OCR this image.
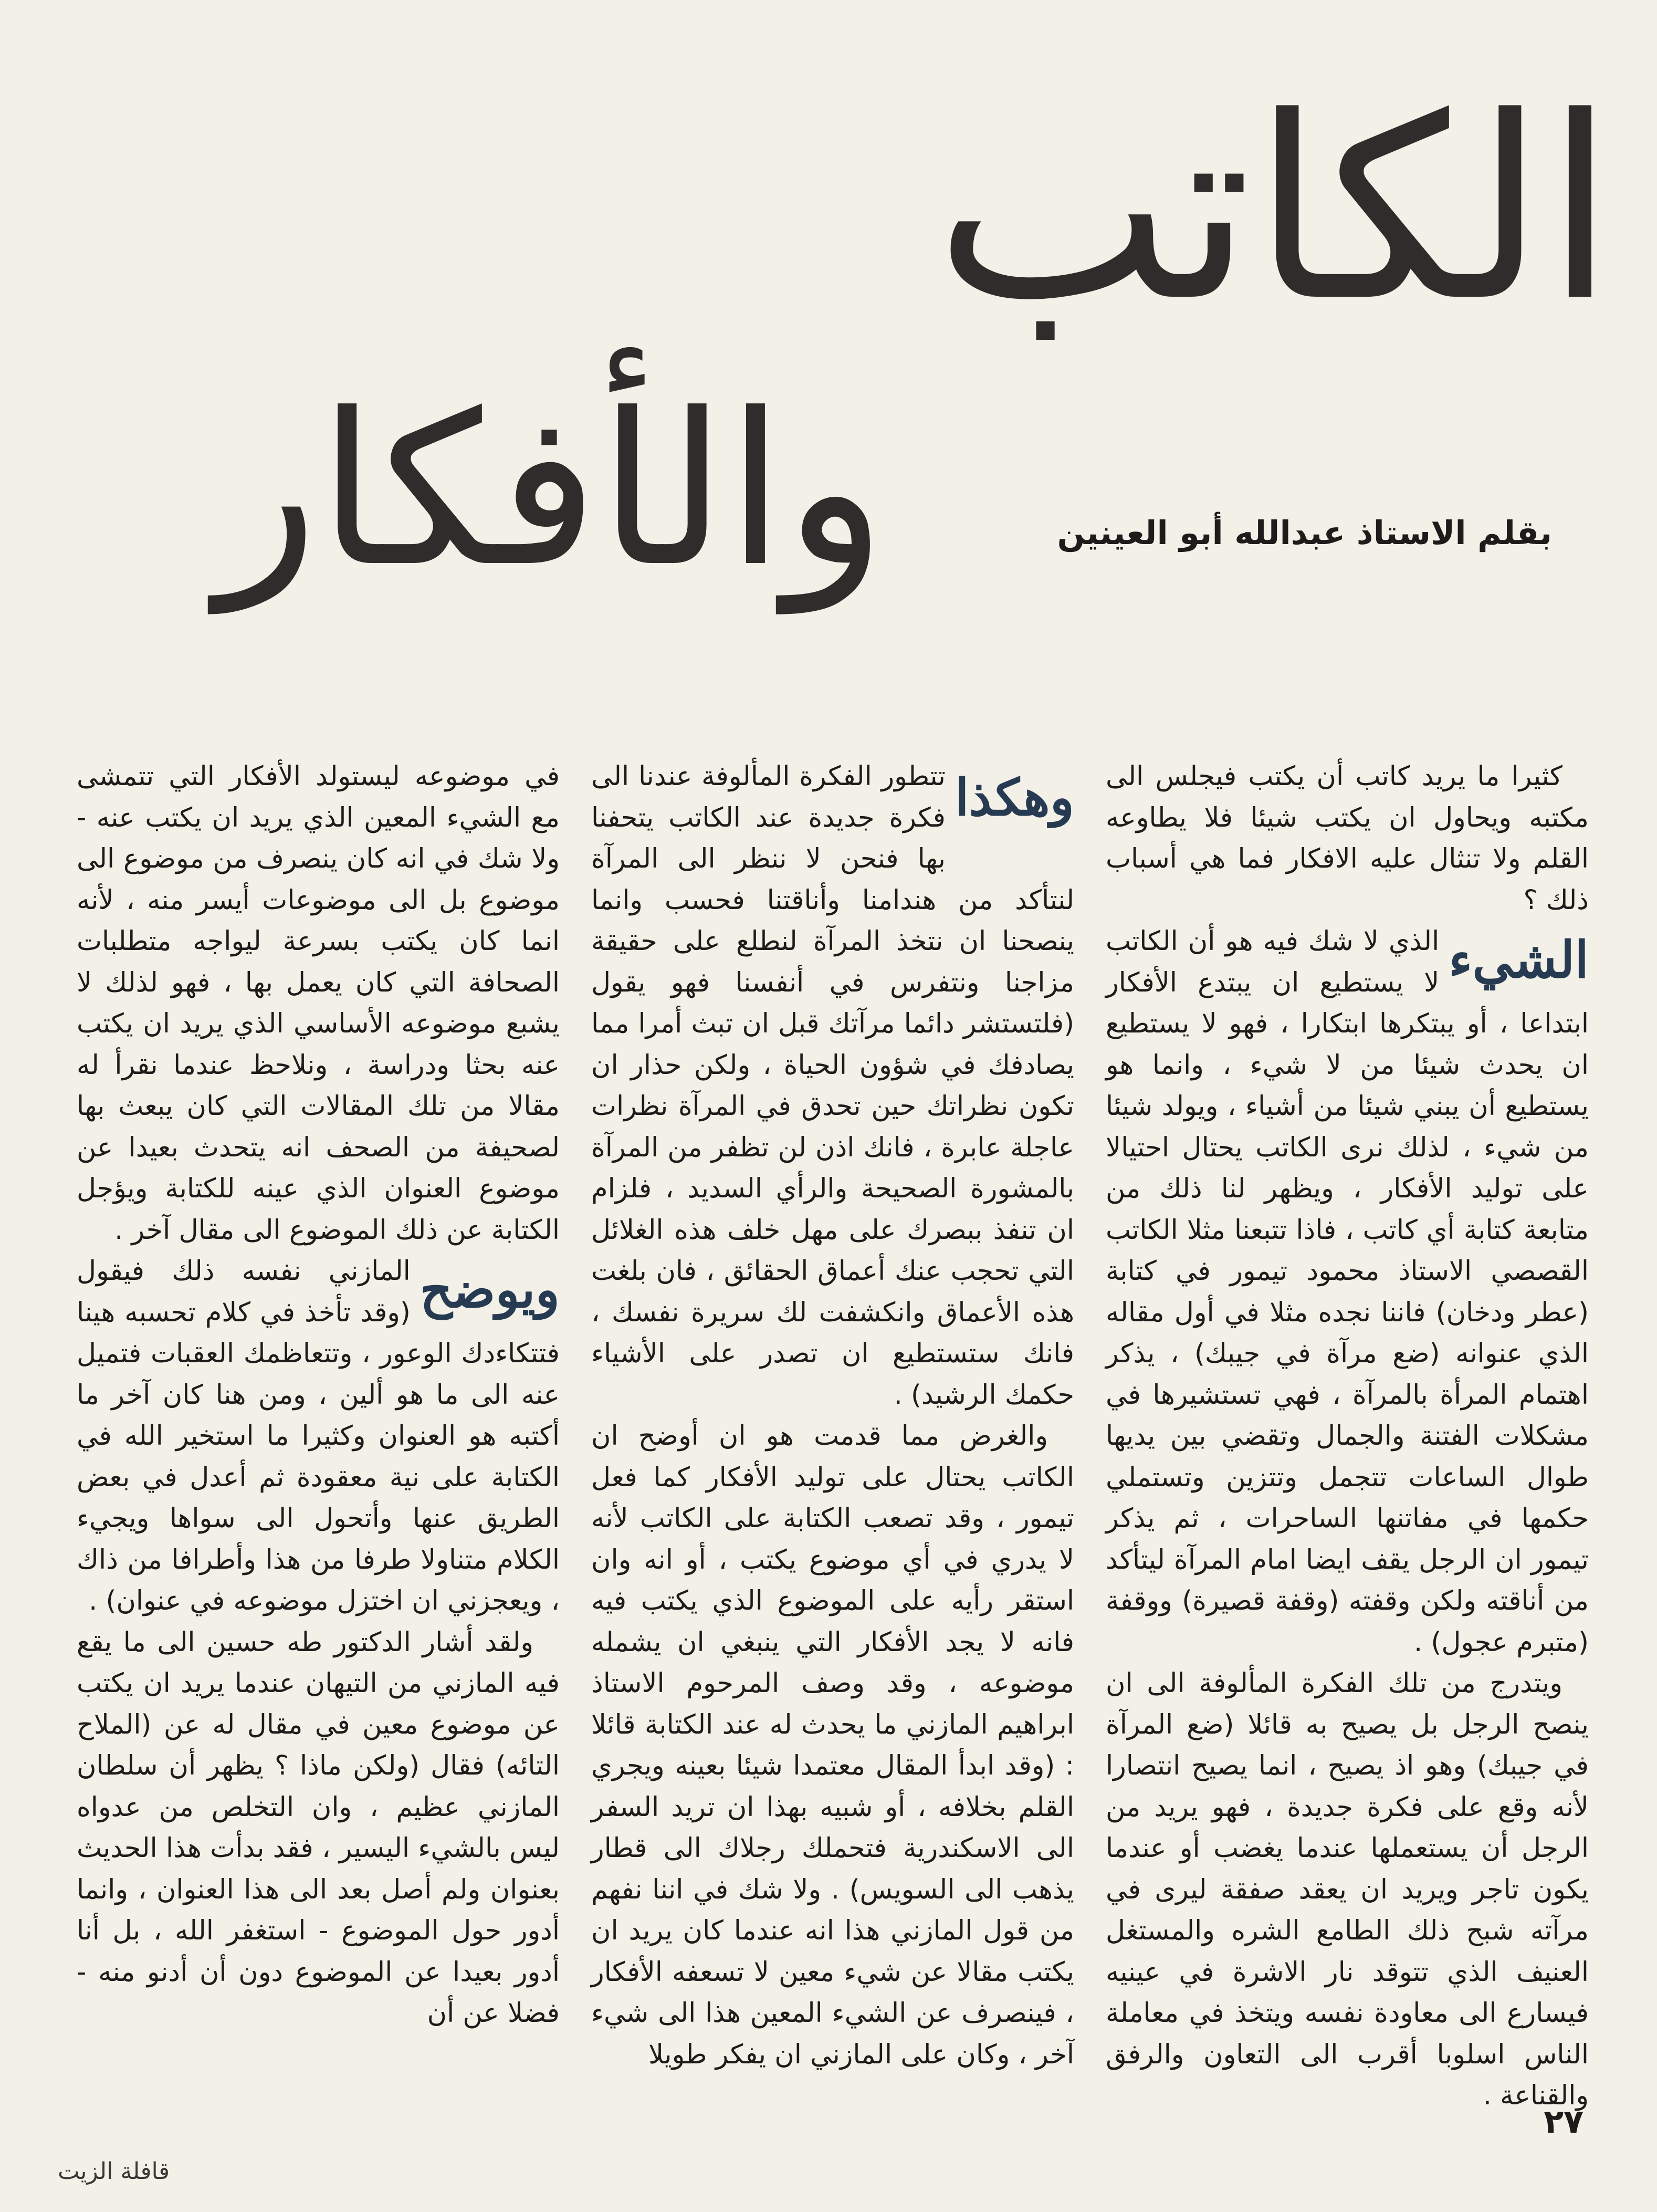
الكاتب
والأفكار	بقلم الاستاذ عبدالله أبو العينين

كثيرا ما يريد كاتب أن يكتب فيجلس الى مكتبه ويحاول ان يكتب شيئا فلا يطاوعه القلم ولا تنثال عليه الافكار فما هي أسباب ذلك ؟

الشيء
الذي لا شك فيه هو أن الكاتب لا يستطيع ان يبتدع الأفكار ابتداعا ، أو يبتكرها ابتكارا ، فهو لا يستطيع ان يحدث شيئا من لا شيء ، وانما هو يستطيع أن يبني شيئا من أشياء ، ويولد شيئا من شيء ، لذلك نرى الكاتب يحتال احتيالا على توليد الأفكار ، ويظهر لنا ذلك من متابعة كتابة أي كاتب ، فاذا تتبعنا مثلا الكاتب القصصي الاستاذ محمود تيمور في كتابة (عطر ودخان) فاننا نجده مثلا في أول مقاله الذي عنوانه (ضع مرآة في جيبك) ، يذكر اهتمام المرأة بالمرآة ، فهي تستشيرها في مشكلات الفتنة والجمال وتقضي بين يديها طوال الساعات تتجمل وتتزين وتستملي حكمها في مفاتنها الساحرات ، ثم يذكر تيمور ان الرجل يقف ايضا امام المرآة ليتأكد من أناقته ولكن وقفته (وقفة قصيرة) ووقفة (متبرم عجول) .

ويتدرج من تلك الفكرة المألوفة الى ان ينصح الرجل بل يصيح به قائلا (ضع المرآة في جيبك) وهو اذ يصيح ، انما يصيح انتصارا لأنه وقع على فكرة جديدة ، فهو يريد من الرجل أن يستعملها عندما يغضب أو عندما يكون تاجر ويريد ان يعقد صفقة ليرى في مرآته شبح ذلك الطامع الشره والمستغل العنيف الذي تتوقد نار الاشرة في عينيه فيسارع الى معاودة نفسه ويتخذ في معاملة الناس اسلوبا أقرب الى التعاون والرفق والقناعة .

وهكذا
تتطور الفكرة المألوفة عندنا الى فكرة جديدة عند الكاتب يتحفنا بها فنحن لا ننظر الى المرآة لنتأكد من هندامنا وأناقتنا فحسب وانما ينصحنا ان نتخذ المرآة لنطلع على حقيقة مزاجنا ونتفرس في أنفسنا فهو يقول (فلتستشر دائما مرآتك قبل ان تبث أمرا مما يصادفك في شؤون الحياة ، ولكن حذار ان تكون نظراتك حين تحدق في المرآة نظرات عاجلة عابرة ، فانك اذن لن تظفر من المرآة بالمشورة الصحيحة والرأي السديد ، فلزام ان تنفذ ببصرك على مهل خلف هذه الغلائل التي تحجب عنك أعماق الحقائق ، فان بلغت هذه الأعماق وانكشفت لك سريرة نفسك ، فانك ستستطيع ان تصدر على الأشياء حكمك الرشيد) .

والغرض مما قدمت هو ان أوضح ان الكاتب يحتال على توليد الأفكار كما فعل تيمور ، وقد تصعب الكتابة على الكاتب لأنه لا يدري في أي موضوع يكتب ، أو انه وان استقر رأيه على الموضوع الذي يكتب فيه فانه لا يجد الأفكار التي ينبغي ان يشمله موضوعه ، وقد وصف المرحوم الاستاذ ابراهيم المازني ما يحدث له عند الكتابة قائلا : (وقد ابدأ المقال معتمدا شيئا بعينه ويجري القلم بخلافه ، أو شبيه بهذا ان تريد السفر الى الاسكندرية فتحملك رجلاك الى قطار يذهب الى السويس) . ولا شك في اننا نفهم من قول المازني هذا انه عندما كان يريد ان يكتب مقالا عن شيء معين لا تسعفه الأفكار ، فينصرف عن الشيء المعين هذا الى شيء آخر ، وكان على المازني ان يفكر طويلا

في موضوعه ليستولد الأفكار التي تتمشى مع الشيء المعين الذي يريد ان يكتب عنه - ولا شك في انه كان ينصرف من موضوع الى موضوع بل الى موضوعات أيسر منه ، لأنه انما كان يكتب بسرعة ليواجه متطلبات الصحافة التي كان يعمل بها ، فهو لذلك لا يشبع موضوعه الأساسي الذي يريد ان يكتب عنه بحثا ودراسة ، ونلاحظ عندما نقرأ له مقالا من تلك المقالات التي كان يبعث بها لصحيفة من الصحف انه يتحدث بعيدا عن موضوع العنوان الذي عينه للكتابة ويؤجل الكتابة عن ذلك الموضوع الى مقال آخر .

ويوضح
المازني نفسه ذلك فيقول (وقد تأخذ في كلام تحسبه هينا فتتكاءدك الوعور ، وتتعاظمك العقبات فتميل عنه الى ما هو ألين ، ومن هنا كان آخر ما أكتبه هو العنوان وكثيرا ما استخير الله في الكتابة على نية معقودة ثم أعدل في بعض الطريق عنها وأتحول الى سواها ويجيء الكلام متناولا طرفا من هذا وأطرافا من ذاك ، ويعجزني ان اختزل موضوعه في عنوان) .

ولقد أشار الدكتور طه حسين الى ما يقع فيه المازني من التيهان عندما يريد ان يكتب عن موضوع معين في مقال له عن (الملاح التائه) فقال (ولكن ماذا ؟ يظهر أن سلطان المازني عظيم ، وان التخلص من عدواه ليس بالشيء اليسير ، فقد بدأت هذا الحديث بعنوان ولم أصل بعد الى هذا العنوان ، وانما أدور حول الموضوع - استغفر الله ، بل أنا أدور بعيدا عن الموضوع دون أن أدنو منه - فضلا عن أن

٢٧
قافلة الزيت
